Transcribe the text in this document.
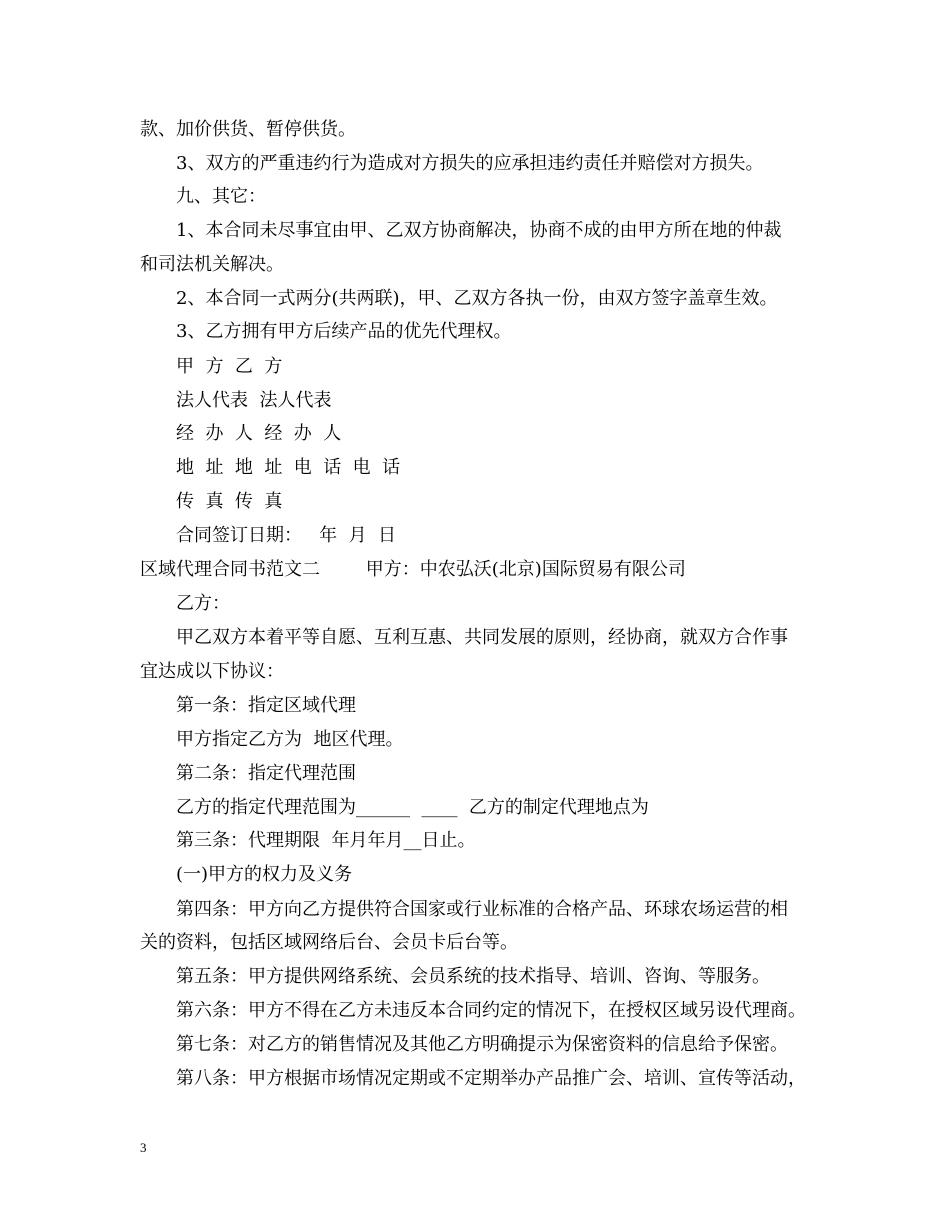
款、加价供货、暂停供货。
3、双方的严重违约行为造成对方损失的应承担违约责任并赔偿对方损失。
九、其它：
1、本合同未尽事宜由甲、乙双方协商解决，协商不成的由甲方所在地的仲裁
和司法机关解决。
2、本合同一式两分(共两联)，甲、乙双方各执一份，由双方签字盖章生效。
3、乙方拥有甲方后续产品的优先代理权。
甲  方  乙  方
法人代表  法人代表
经  办  人  经  办  人
地  址  地  址  电  话  电  话
传  真  传  真
合同签订日期：   年  月  日
区域代理合同书范文二        甲方：中农弘沃(北京)国际贸易有限公司
乙方：
甲乙双方本着平等自愿、互利互惠、共同发展的原则，经协商，就双方合作事
宜达成以下协议：
第一条：指定区域代理
甲方指定乙方为  地区代理。
第二条：指定代理范围
乙方的指定代理范围为______  ____  乙方的制定代理地点为
第三条：代理期限  年月年月__日止。
(一)甲方的权力及义务
第四条：甲方向乙方提供符合国家或行业标准的合格产品、环球农场运营的相
关的资料，包括区域网络后台、会员卡后台等。
第五条：甲方提供网络系统、会员系统的技术指导、培训、咨询、等服务。
第六条：甲方不得在乙方未违反本合同约定的情况下，在授权区域另设代理商。
第七条：对乙方的销售情况及其他乙方明确提示为保密资料的信息给予保密。
第八条：甲方根据市场情况定期或不定期举办产品推广会、培训、宣传等活动，
3
